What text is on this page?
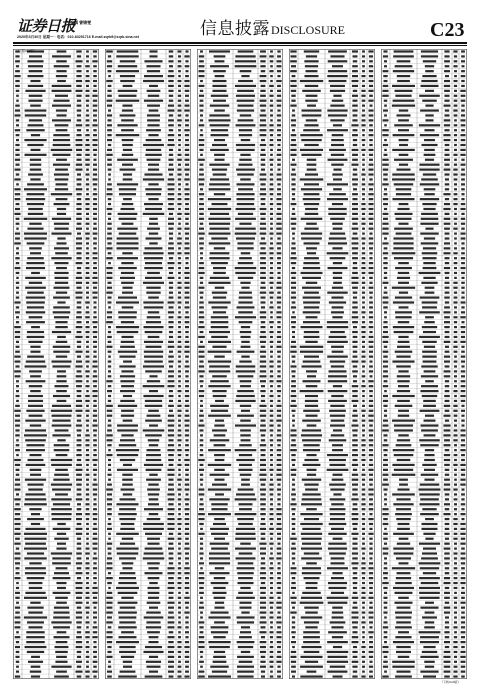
证券日报
编辑 曾锦雯
2020年3月30日 星期一 · 电话：010-83251716 E-mail:zqrb9@zqrb.sina.net	信息披露DISCLOSURE	C23
（上接C22版）
（下转C24版）
